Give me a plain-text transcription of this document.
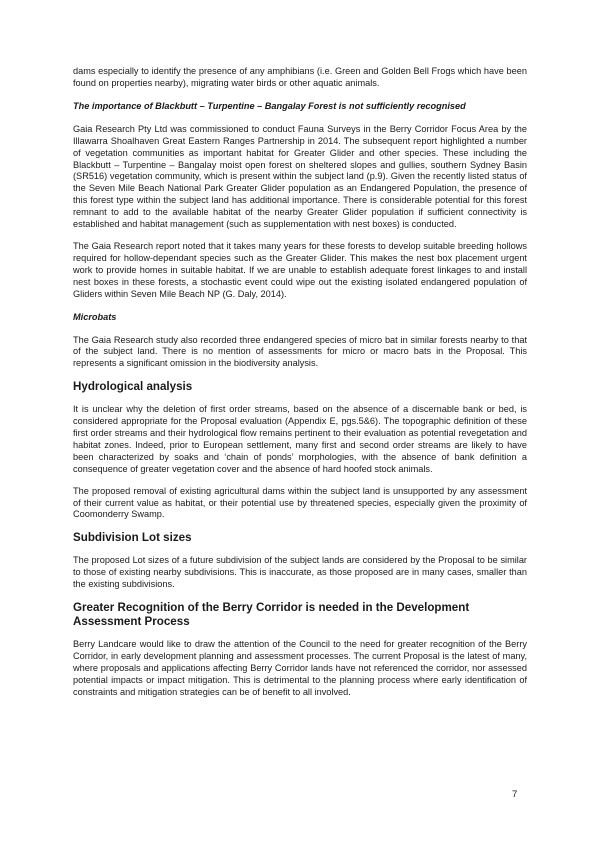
dams especially to identify the presence of any amphibians (i.e. Green and Golden Bell Frogs which have been found on properties nearby), migrating water birds or other aquatic animals.

The importance of Blackbutt – Turpentine – Bangalay Forest is not sufficiently recognised

Gaia Research Pty Ltd was commissioned to conduct Fauna Surveys in the Berry Corridor Focus Area by the Illawarra Shoalhaven Great Eastern Ranges Partnership in 2014. The subsequent report highlighted a number of vegetation communities as important habitat for Greater Glider and other species. These including the Blackbutt – Turpentine – Bangalay moist open forest on sheltered slopes and gullies, southern Sydney Basin (SR516) vegetation community, which is present within the subject land (p.9). Given the recently listed status of the Seven Mile Beach National Park Greater Glider population as an Endangered Population, the presence of this forest type within the subject land has additional importance. There is considerable potential for this forest remnant to add to the available habitat of the nearby Greater Glider population if sufficient connectivity is established and habitat management (such as supplementation with nest boxes) is conducted.

The Gaia Research report noted that it takes many years for these forests to develop suitable breeding hollows required for hollow-dependant species such as the Greater Glider. This makes the nest box placement urgent work to provide homes in suitable habitat. If we are unable to establish adequate forest linkages to and install nest boxes in these forests, a stochastic event could wipe out the existing isolated endangered population of Gliders within Seven Mile Beach NP (G. Daly, 2014).

Microbats

The Gaia Research study also recorded three endangered species of micro bat in similar forests nearby to that of the subject land. There is no mention of assessments for micro or macro bats in the Proposal. This represents a significant omission in the biodiversity analysis.

Hydrological analysis

It is unclear why the deletion of first order streams, based on the absence of a discernable bank or bed, is considered appropriate for the Proposal evaluation (Appendix E, pgs.5&6). The topographic definition of these first order streams and their hydrological flow remains pertinent to their evaluation as potential revegetation and habitat zones. Indeed, prior to European settlement, many first and second order streams are likely to have been characterized by soaks and ‘chain of ponds’ morphologies, with the absence of bank definition a consequence of greater vegetation cover and the absence of hard hoofed stock animals.

The proposed removal of existing agricultural dams within the subject land is unsupported by any assessment of their current value as habitat, or their potential use by threatened species, especially given the proximity of Coomonderry Swamp.

Subdivision Lot sizes

The proposed Lot sizes of a future subdivision of the subject lands are considered by the Proposal to be similar to those of existing nearby subdivisions. This is inaccurate, as those proposed are in many cases, smaller than the existing subdivisions.

Greater Recognition of the Berry Corridor is needed in the Development Assessment Process

Berry Landcare would like to draw the attention of the Council to the need for greater recognition of the Berry Corridor, in early development planning and assessment processes. The current Proposal is the latest of many, where proposals and applications affecting Berry Corridor lands have not referenced the corridor, nor assessed potential impacts or impact mitigation. This is detrimental to the planning process where early identification of constraints and mitigation strategies can be of benefit to all involved.

7
